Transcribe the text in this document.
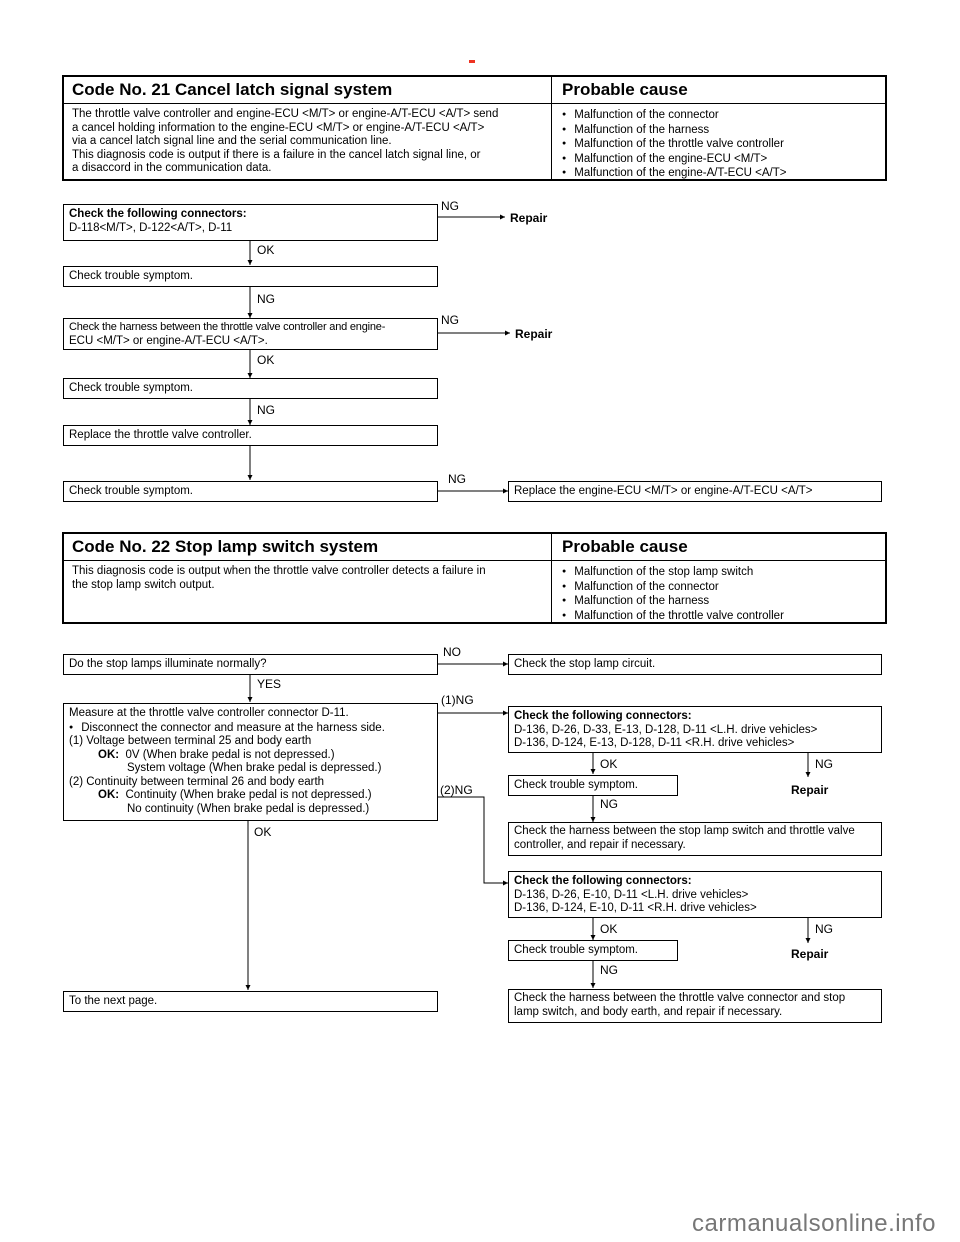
Code No. 21 Cancel latch signal system	Probable cause
The throttle valve controller and engine-ECU <M/T> or engine-A/T-ECU <A/T> send
a cancel holding information to the engine-ECU <M/T> or engine-A/T-ECU <A/T>
via a cancel latch signal line and the serial communication line.
This diagnosis code is output if there is a failure in the cancel latch signal line, or
a disaccord in the communication data.
● Malfunction of the connector
● Malfunction of the harness
● Malfunction of the throttle valve controller
● Malfunction of the engine-ECU <M/T>
● Malfunction of the engine-A/T-ECU <A/T>
Check the following connectors:
D-118<M/T>, D-122<A/T>, D-11
NG
Repair
OK
Check trouble symptom.
NG
Check the harness between the throttle valve controller and engine-
ECU <M/T> or engine-A/T-ECU <A/T>.
NG
Repair
OK
Check trouble symptom.
NG
Replace the throttle valve controller.
Check trouble symptom.
NG
Replace the engine-ECU <M/T> or engine-A/T-ECU <A/T>
Code No. 22 Stop lamp switch system	Probable cause
This diagnosis code is output when the throttle valve controller detects a failure in
the stop lamp switch output.
● Malfunction of the stop lamp switch
● Malfunction of the connector
● Malfunction of the harness
● Malfunction of the throttle valve controller
Do the stop lamps illuminate normally?
NO
Check the stop lamp circuit.
YES
Measure at the throttle valve controller connector D-11.
● Disconnect the connector and measure at the harness side.
(1) Voltage between terminal 25 and body earth
OK: 0V (When brake pedal is not depressed.)
System voltage (When brake pedal is depressed.)
(2) Continuity between terminal 26 and body earth
OK: Continuity (When brake pedal is not depressed.)
No continuity (When brake pedal is depressed.)
(1)NG
(2)NG
OK
Check the following connectors:
D-136, D-26, D-33, E-13, D-128, D-11 <L.H. drive vehicles>
D-136, D-124, E-13, D-128, D-11 <R.H. drive vehicles>
OK	NG
Check trouble symptom.	Repair
NG
Check the harness between the stop lamp switch and throttle valve
controller, and repair if necessary.
Check the following connectors:
D-136, D-26, E-10, D-11 <L.H. drive vehicles>
D-136, D-124, E-10, D-11 <R.H. drive vehicles>
OK	NG
Check trouble symptom.	Repair
NG
Check the harness between the throttle valve connector and stop
lamp switch, and body earth, and repair if necessary.
To the next page.
carmanualsonline.info
